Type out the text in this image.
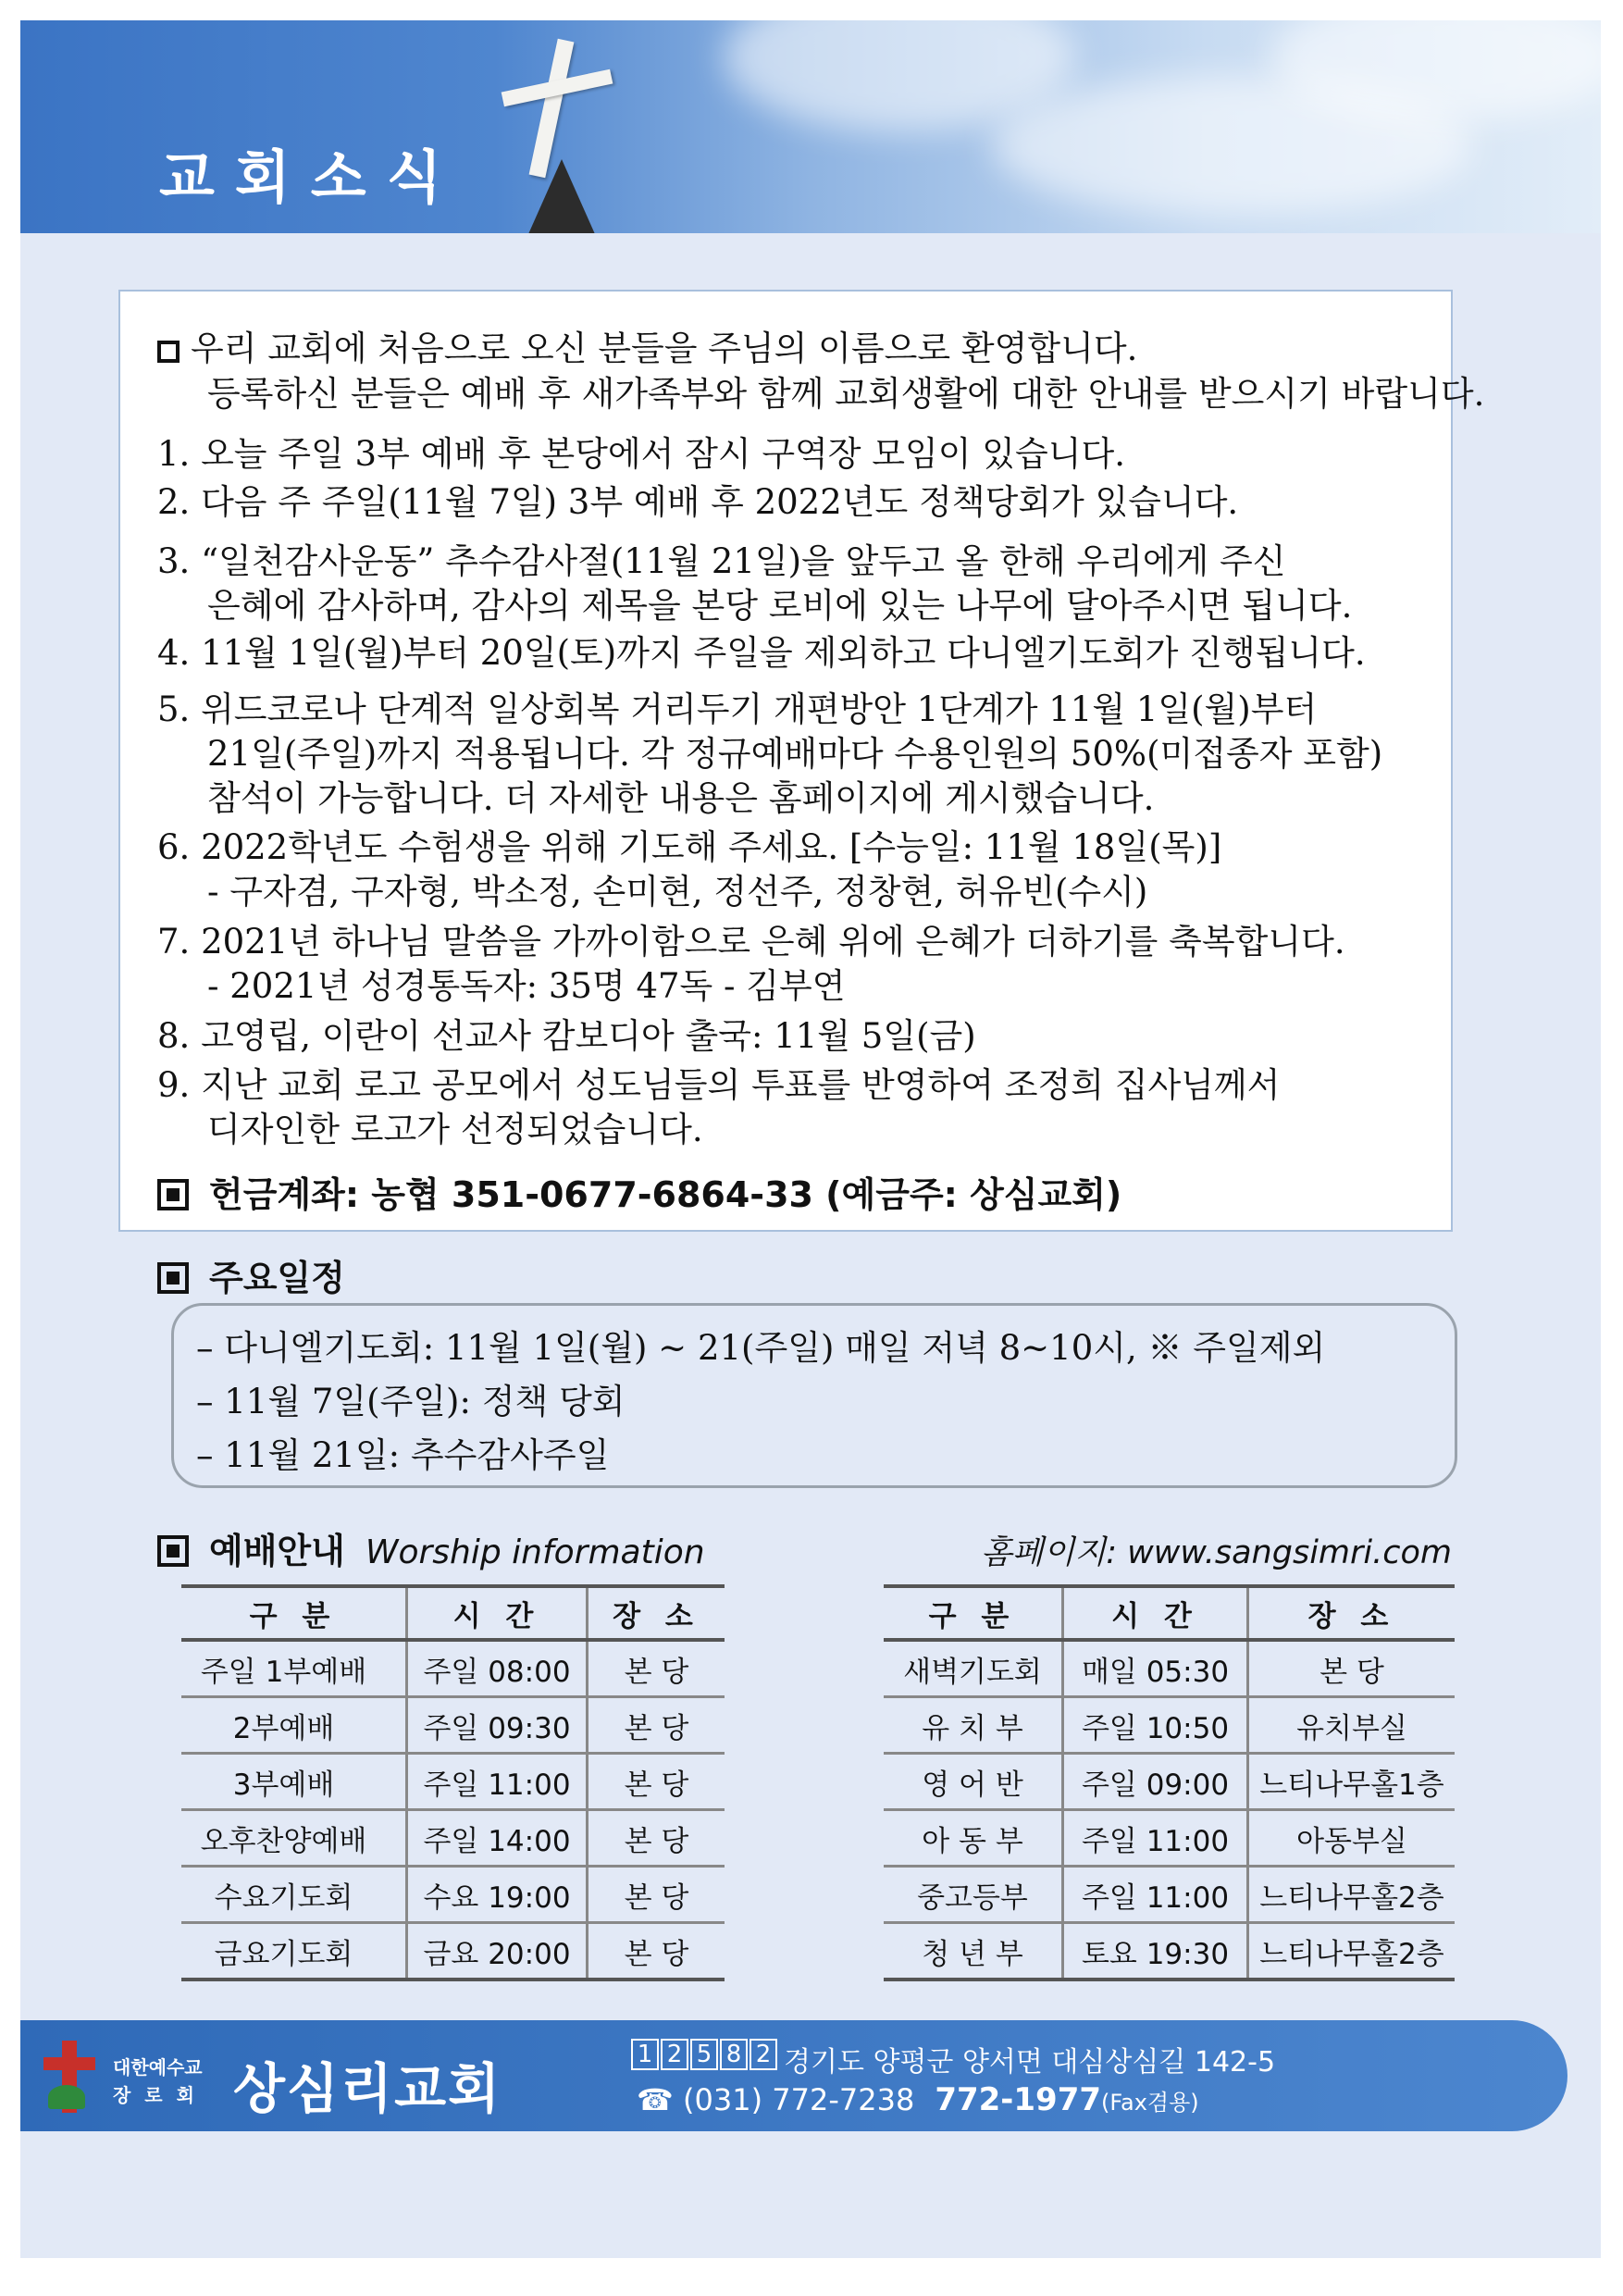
교회소식
우리 교회에 처음으로 오신 분들을 주님의 이름으로 환영합니다.
등록하신 분들은 예배 후 새가족부와 함께 교회생활에 대한 안내를 받으시기 바랍니다.
1. 오늘 주일 3부 예배 후 본당에서 잠시 구역장 모임이 있습니다.
2. 다음 주 주일(11월 7일) 3부 예배 후 2022년도 정책당회가 있습니다.
3. “일천감사운동” 추수감사절(11월 21일)을 앞두고 올 한해 우리에게 주신
은혜에 감사하며, 감사의 제목을 본당 로비에 있는 나무에 달아주시면 됩니다.
4. 11월 1일(월)부터 20일(토)까지 주일을 제외하고 다니엘기도회가 진행됩니다.
5. 위드코로나 단계적 일상회복 거리두기 개편방안 1단계가 11월 1일(월)부터
21일(주일)까지 적용됩니다. 각 정규예배마다 수용인원의 50%(미접종자 포함)
참석이 가능합니다. 더 자세한 내용은 홈페이지에 게시했습니다.
6. 2022학년도 수험생을 위해 기도해 주세요. [수능일: 11월 18일(목)]
- 구자겸, 구자형, 박소정, 손미현, 정선주, 정창현, 허유빈(수시)
7. 2021년 하나님 말씀을 가까이함으로 은혜 위에 은혜가 더하기를 축복합니다.
- 2021년 성경통독자: 35명 47독 - 김부연
8. 고영립, 이란이 선교사 캄보디아 출국: 11월 5일(금)
9. 지난 교회 로고 공모에서 성도님들의 투표를 반영하여 조정희 집사님께서
디자인한 로고가 선정되었습니다.
헌금계좌: 농협 351-0677-6864-33 (예금주: 상심교회)
주요일정
– 다니엘기도회: 11월 1일(월) ~ 21(주일) 매일 저녁 8~10시, ※ 주일제외
– 11월 7일(주일): 정책 당회
– 11월 21일: 추수감사주일
예배안내 Worship information	홈페이지: www.sangsimri.com
구 분	시 간	장 소
주일 1부예배	주일 08:00	본 당
2부예배	주일 09:30	본 당
3부예배	주일 11:00	본 당
오후찬양예배	주일 14:00	본 당
수요기도회	수요 19:00	본 당
금요기도회	금요 20:00	본 당
구 분	시 간	장 소
새벽기도회	매일 05:30	본 당
유 치 부	주일 10:50	유치부실
영 어 반	주일 09:00	느티나무홀1층
아 동 부	주일 11:00	아동부실
중고등부	주일 11:00	느티나무홀2층
청 년 부	토요 19:30	느티나무홀2층
대한예수교
장 로 회 상심리교회
1 2 5 8 2 경기도 양평군 양서면 대심상심길 142-5
☎ (031) 772-7238 772-1977(Fax겸용)
